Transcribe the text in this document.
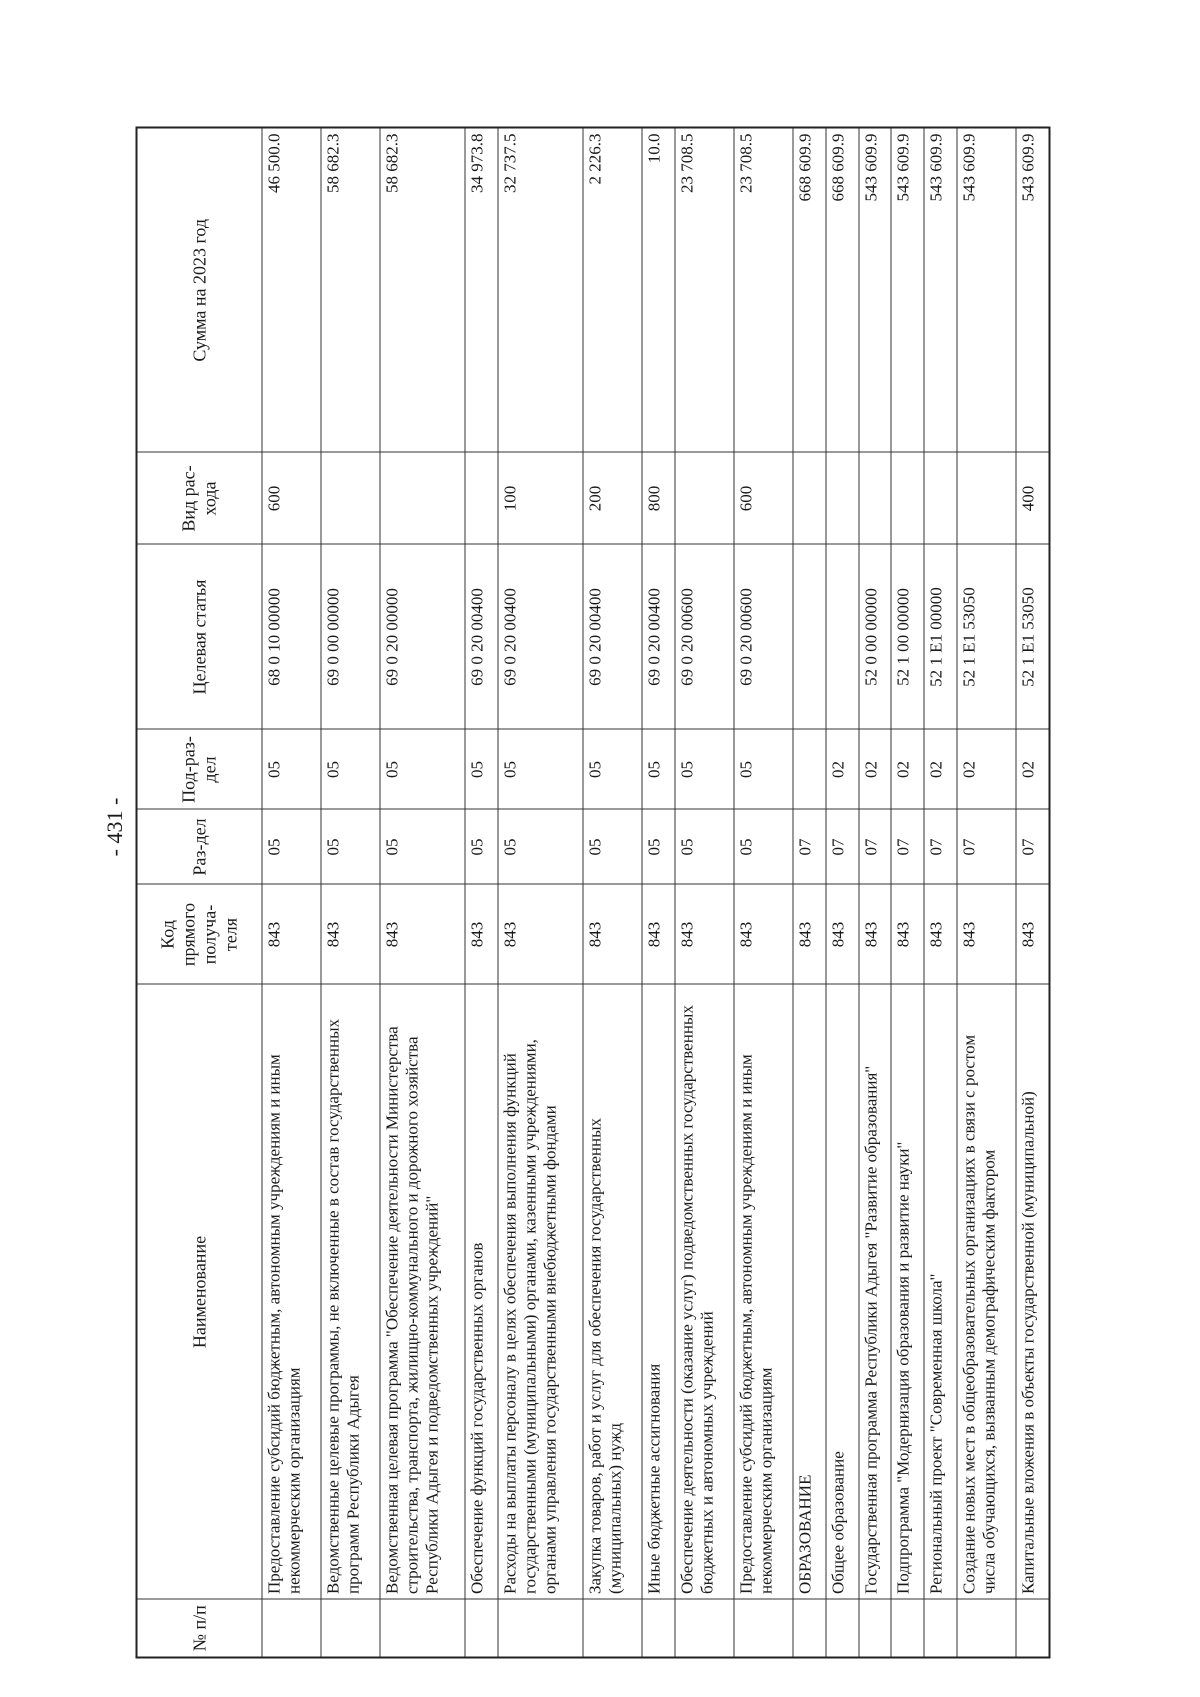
- 431 -
№ п/п	Наименование	Код прямого получа-теля	Раз-дел	Под-раз-дел	Целевая статья	Вид рас-хода	Сумма на 2023 год
	Предоставление субсидий бюджетным, автономным учреждениям и иным некоммерческим организациям	843	05	05	68 0 10 00000	600	46 500.0
	Ведомственные целевые программы, не включенные в состав государственных программ Республики Адыгея	843	05	05	69 0 00 00000		58 682.3
	Ведомственная целевая программа "Обеспечение деятельности Министерства строительства, транспорта, жилищно-коммунального и дорожного хозяйства Республики Адыгея и подведомственных учреждений"	843	05	05	69 0 20 00000		58 682.3
	Обеспечение функций государственных органов	843	05	05	69 0 20 00400		34 973.8
	Расходы на выплаты персоналу в целях обеспечения выполнения функций государственными (муниципальными) органами, казенными учреждениями, органами управления государственными внебюджетными фондами	843	05	05	69 0 20 00400	100	32 737.5
	Закупка товаров, работ и услуг для обеспечения государственных (муниципальных) нужд	843	05	05	69 0 20 00400	200	2 226.3
	Иные бюджетные ассигнования	843	05	05	69 0 20 00400	800	10.0
	Обеспечение деятельности (оказание услуг) подведомственных государственных бюджетных и автономных учреждений	843	05	05	69 0 20 00600		23 708.5
	Предоставление субсидий бюджетным, автономным учреждениям и иным некоммерческим организациям	843	05	05	69 0 20 00600	600	23 708.5
	ОБРАЗОВАНИЕ	843	07				668 609.9
	Общее образование	843	07	02			668 609.9
	Государственная программа Республики Адыгея "Развитие образования"	843	07	02	52 0 00 00000		543 609.9
	Подпрограмма "Модернизация образования и развитие науки"	843	07	02	52 1 00 00000		543 609.9
	Региональный проект "Современная школа"	843	07	02	52 1 E1 00000		543 609.9
	Создание новых мест в общеобразовательных организациях в связи с ростом числа обучающихся, вызванным демографическим фактором	843	07	02	52 1 E1 53050		543 609.9
	Капитальные вложения в объекты государственной (муниципальной)	843	07	02	52 1 E1 53050	400	543 609.9
